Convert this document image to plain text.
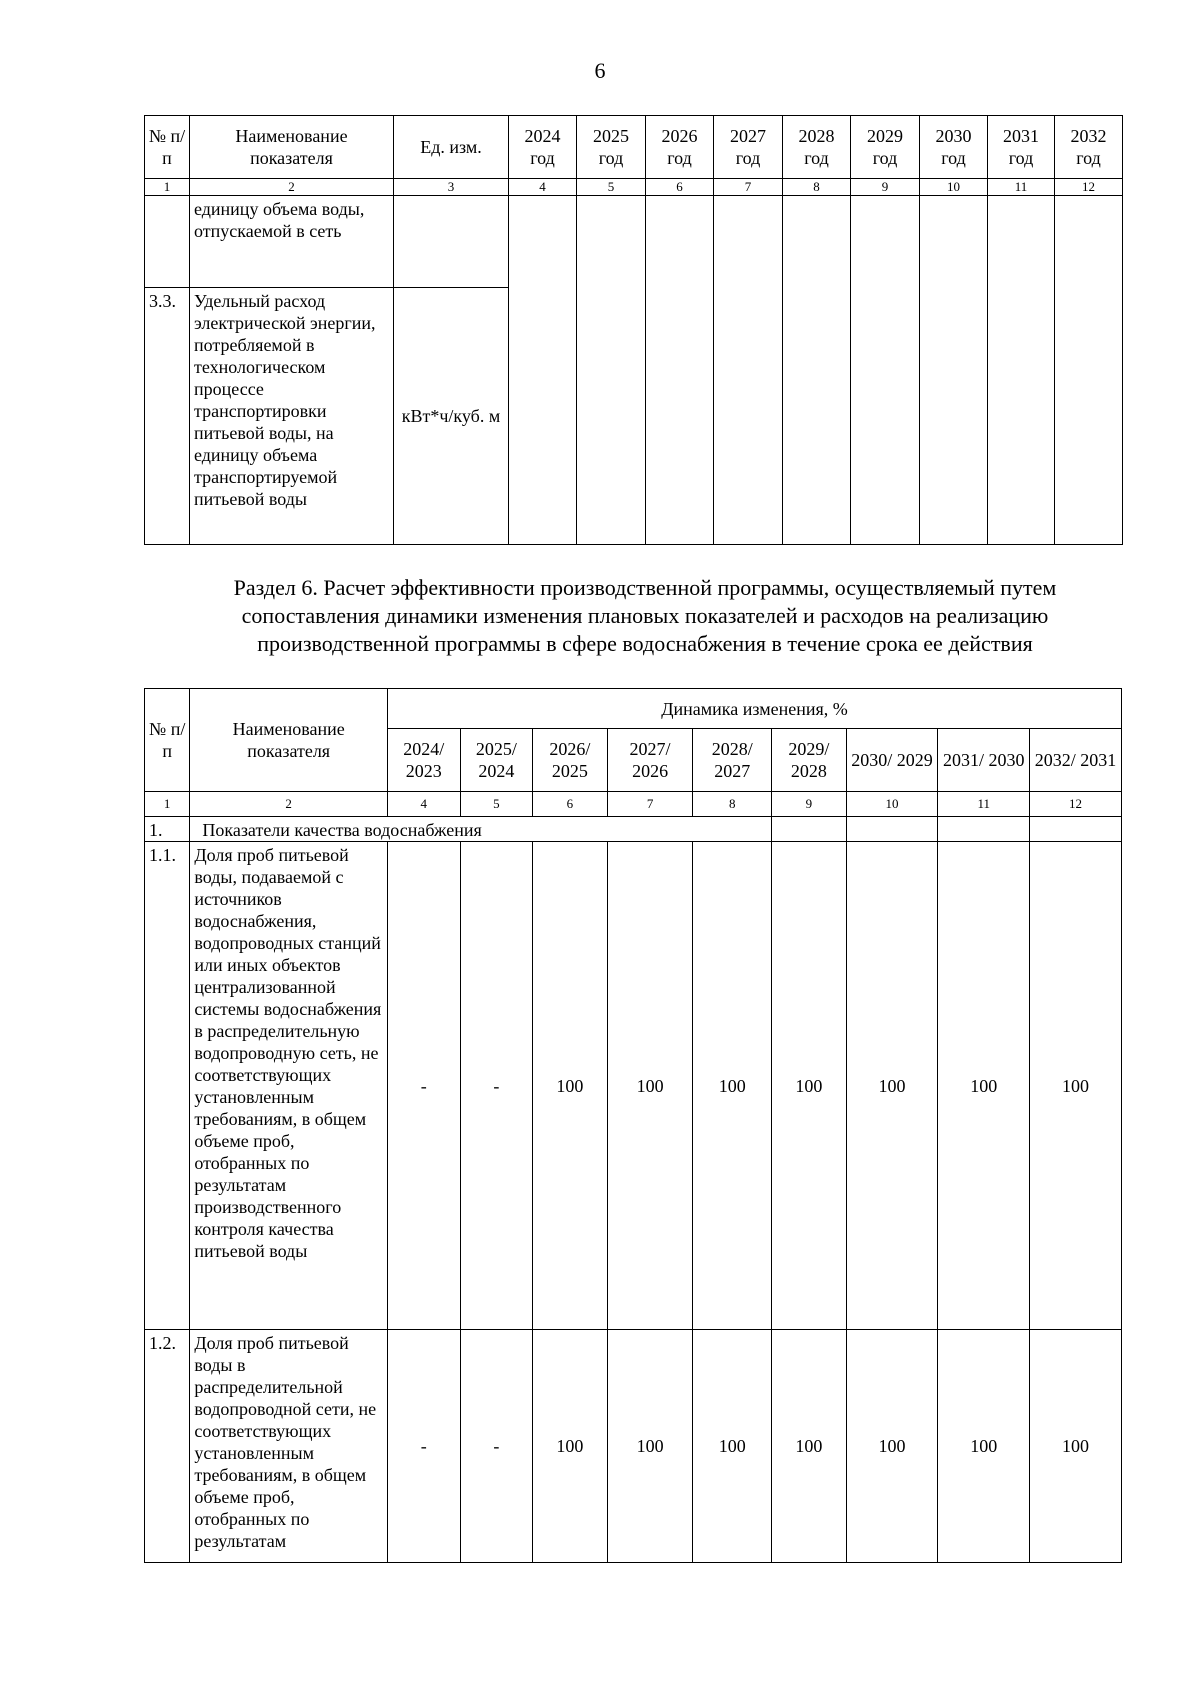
6
№ п/п	Наименование показателя	Ед. изм.	2024 год	2025 год	2026 год	2027 год	2028 год	2029 год	2030 год	2031 год	2032 год
1	2	3	4	5	6	7	8	9	10	11	12
	единицу объема воды, отпускаемой в сеть										
3.3.	Удельный расход электрической энергии, потребляемой в технологическом процессе транспортировки питьевой воды, на единицу объема транспортируемой питьевой воды	кВт*ч/куб. м									
Раздел 6. Расчет эффективности производственной программы, осуществляемый путем сопоставления динамики изменения плановых показателей и расходов на реализацию производственной программы в сфере водоснабжения в течение срока ее действия
№ п/п	Наименование показателя	Динамика изменения, %								
		2024/ 2023	2025/ 2024	2026/ 2025	2027/ 2026	2028/ 2027	2029/ 2028	2030/ 2029	2031/ 2030	2032/ 2031
1	2	4	5	6	7	8	9	10	11	12
1.	Показатели качества водоснабжения									
1.1.	Доля проб питьевой воды, подаваемой с источников водоснабжения, водопроводных станций или иных объектов централизованной системы водоснабжения в распределительную водопроводную сеть, не соответствующих установленным требованиям, в общем объеме проб, отобранных по результатам производственного контроля качества питьевой воды	-	-	100	100	100	100	100	100	100
1.2.	Доля проб питьевой воды в распределительной водопроводной сети, не соответствующих установленным требованиям, в общем объеме проб, отобранных по результатам	-	-	100	100	100	100	100	100	100
